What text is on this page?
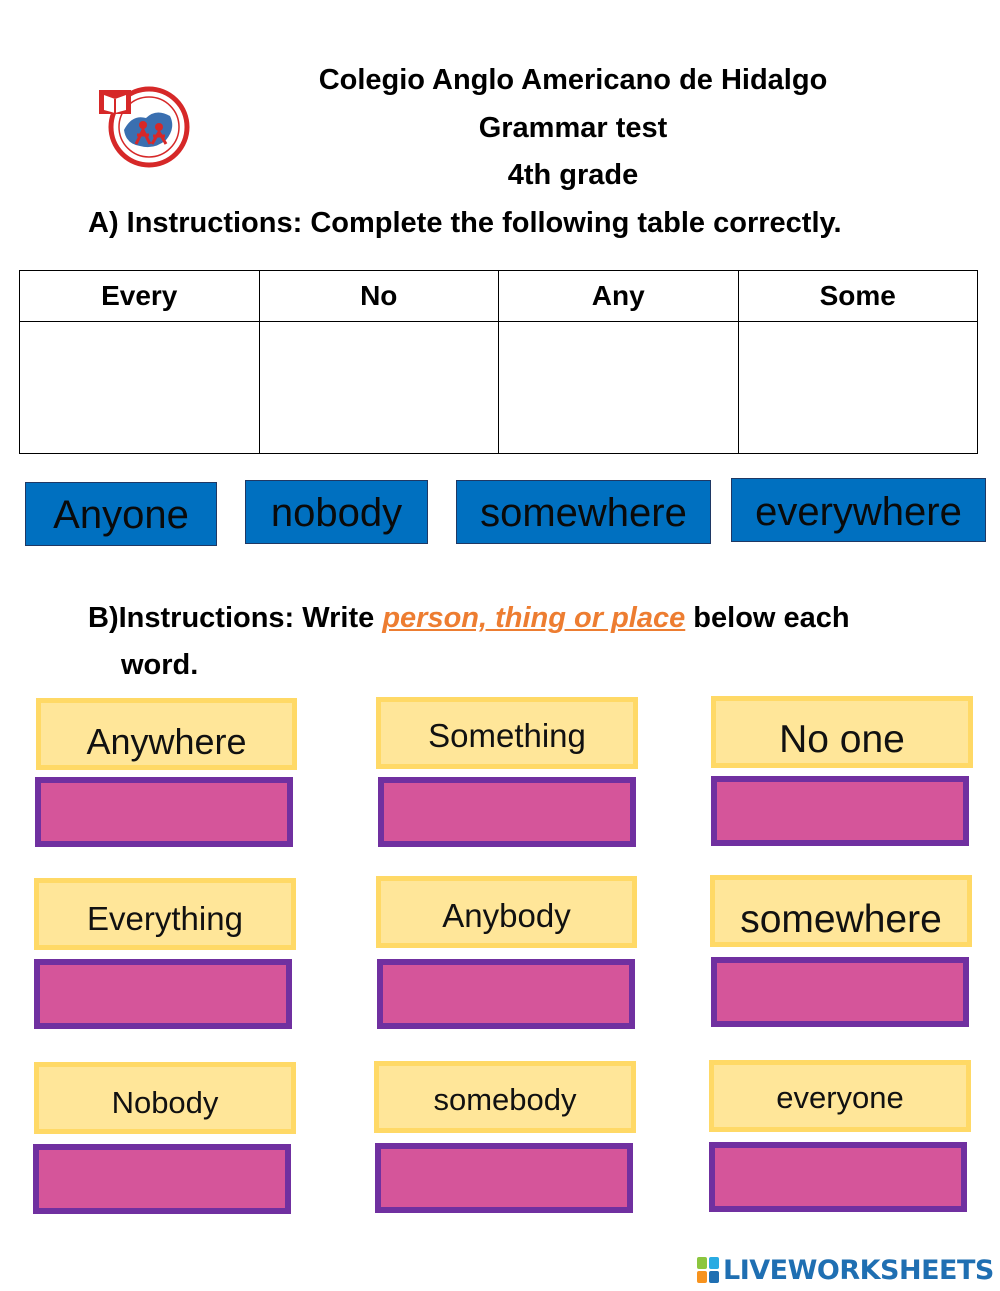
Colegio Anglo Americano de Hidalgo
Grammar test
4th grade
A) Instructions: Complete the following table correctly.
Every	No	Any	Some

Anyone	nobody	somewhere	everywhere
B)Instructions: Write person, thing or place below each
word.
Anywhere	Something	No one
Everything	Anybody	somewhere
Nobody	somebody	everyone
LIVEWORKSHEETS
